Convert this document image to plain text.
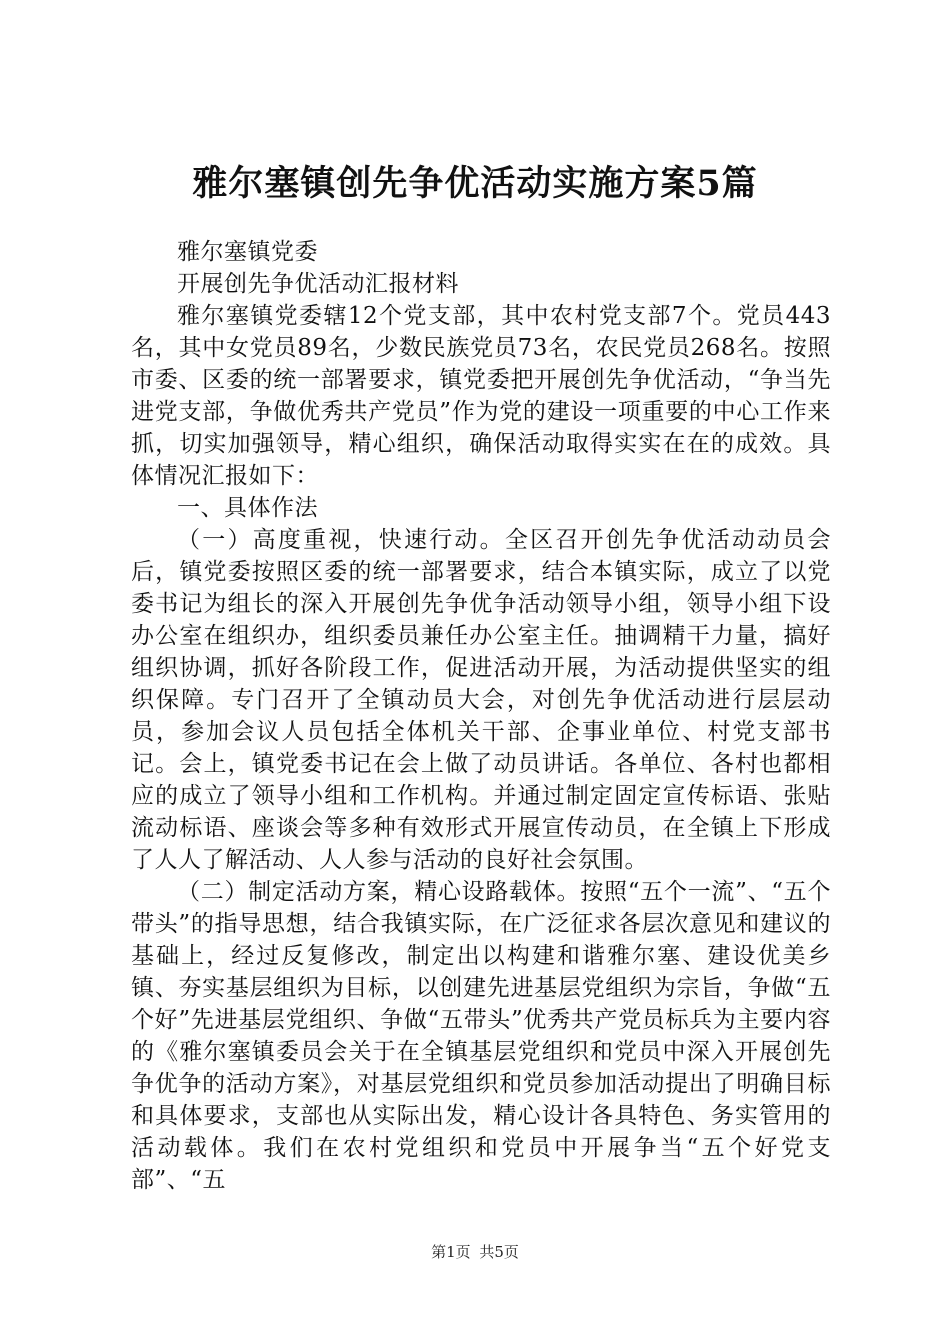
雅尔塞镇创先争优活动实施方案5篇

雅尔塞镇党委

开展创先争优活动汇报材料

雅尔塞镇党委辖12个党支部，其中农村党支部7个。党员443名，其中女党员89名，少数民族党员73名，农民党员268名。按照市委、区委的统一部署要求，镇党委把开展创先争优活动，“争当先进党支部，争做优秀共产党员”作为党的建设一项重要的中心工作来抓，切实加强领导，精心组织，确保活动取得实实在在的成效。具体情况汇报如下：

一、具体作法

（一）高度重视，快速行动。全区召开创先争优活动动员会后，镇党委按照区委的统一部署要求，结合本镇实际，成立了以党委书记为组长的深入开展创先争优争活动领导小组，领导小组下设办公室在组织办，组织委员兼任办公室主任。抽调精干力量，搞好组织协调，抓好各阶段工作，促进活动开展，为活动提供坚实的组织保障。专门召开了全镇动员大会，对创先争优活动进行层层动员，参加会议人员包括全体机关干部、企事业单位、村党支部书记。会上，镇党委书记在会上做了动员讲话。各单位、各村也都相应的成立了领导小组和工作机构。并通过制定固定宣传标语、张贴流动标语、座谈会等多种有效形式开展宣传动员，在全镇上下形成了人人了解活动、人人参与活动的良好社会氛围。

（二）制定活动方案，精心设路载体。按照“五个一流”、“五个带头”的指导思想，结合我镇实际，在广泛征求各层次意见和建议的基础上，经过反复修改，制定出以构建和谐雅尔塞、建设优美乡镇、夯实基层组织为目标，以创建先进基层党组织为宗旨，争做“五个好”先进基层党组织、争做“五带头”优秀共产党员标兵为主要内容的《雅尔塞镇委员会关于在全镇基层党组织和党员中深入开展创先争优争的活动方案》，对基层党组织和党员参加活动提出了明确目标和具体要求，支部也从实际出发，精心设计各具特色、务实管用的活动载体。我们在农村党组织和党员中开展争当“五个好党支部”、“五

第1页 共5页
